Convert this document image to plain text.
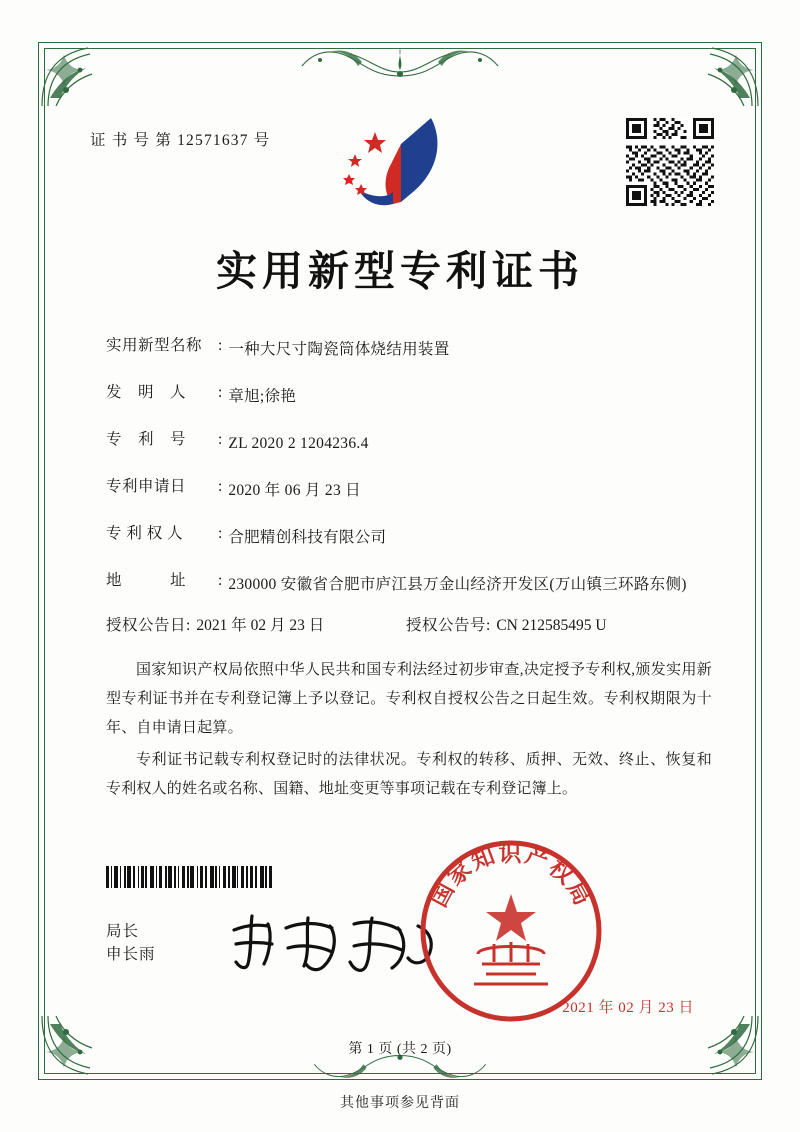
证 书 号 第 12571637 号
实用新型专利证书
实用新型名称	: 一种大尺寸陶瓷筒体烧结用装置
发　明　人	: 章旭;徐艳
专　利　号	: ZL 2020 2 1204236.4
专利申请日	: 2020 年 06 月 23 日
专 利 权 人	: 合肥精创科技有限公司
地　　　址	: 230000 安徽省合肥市庐江县万金山经济开发区(万山镇三环路东侧)
授权公告日 : 2021 年 02 月 23 日	授权公告号 : CN 212585495 U

国家知识产权局依照中华人民共和国专利法经过初步审查,决定授予专利权,颁发实用新型专利证书并在专利登记簿上予以登记。专利权自授权公告之日起生效。专利权期限为十年、自申请日起算。

专利证书记载专利权登记时的法律状况。专利权的转移、质押、无效、终止、恢复和专利权人的姓名或名称、国籍、地址变更等事项记载在专利登记簿上。

局长
申长雨
国家知识产权局
2021 年 02 月 23 日
第 1 页 (共 2 页)
其他事项参见背面
